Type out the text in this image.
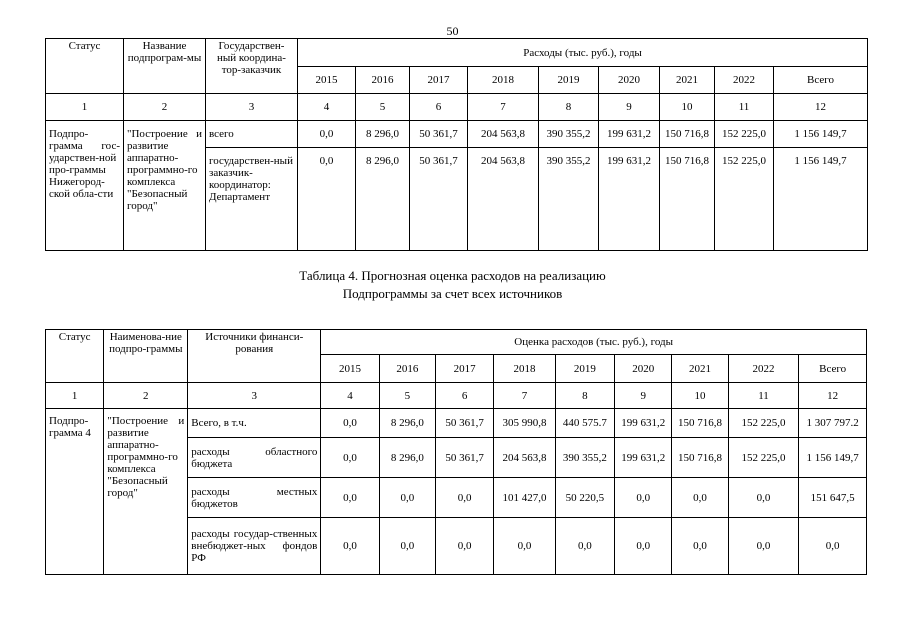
50
Статус	Название подпрограм-мы	Государствен-ный координа-тор-заказчик	Расходы (тыс. руб.), годы								
			2015	2016	2017	2018	2019	2020	2021	2022	Всего
1	2	3	4	5	6	7	8	9	10	11	12
Подпро-грамма гос-ударствен-ной про-граммы Нижегород-ской обла-сти	"Построение и развитие аппаратно-программно-го комплекса "Безопасный город"	всего	0,0	8 296,0	50 361,7	204 563,8	390 355,2	199 631,2	150 716,8	152 225,0	1 156 149,7
		государствен-ный заказчик-координатор: Департамент	0,0	8 296,0	50 361,7	204 563,8	390 355,2	199 631,2	150 716,8	152 225,0	1 156 149,7
Таблица 4. Прогнозная оценка расходов на реализацию
Подпрограммы за счет всех источников
Статус	Наименова-ние подпро-граммы	Источники финанси-рования	Оценка расходов (тыс. руб.), годы								
			2015	2016	2017	2018	2019	2020	2021	2022	Всего
1	2	3	4	5	6	7	8	9	10	11	12
Подпро-грамма 4	"Построение и развитие аппаратно-программно-го комплекса "Безопасный город"	Всего, в т.ч.	0,0	8 296,0	50 361,7	305 990,8	440 575.7	199 631,2	150 716,8	152 225,0	1 307 797.2
		расходы областного бюджета	0,0	8 296,0	50 361,7	204 563,8	390 355,2	199 631,2	150 716,8	152 225,0	1 156 149,7
		расходы местных бюджетов	0,0	0,0	0,0	101 427,0	50 220,5	0,0	0,0	0,0	151 647,5
		расходы государ-ственных внебюджет-ных фондов РФ	0,0	0,0	0,0	0,0	0,0	0,0	0,0	0,0	0,0
